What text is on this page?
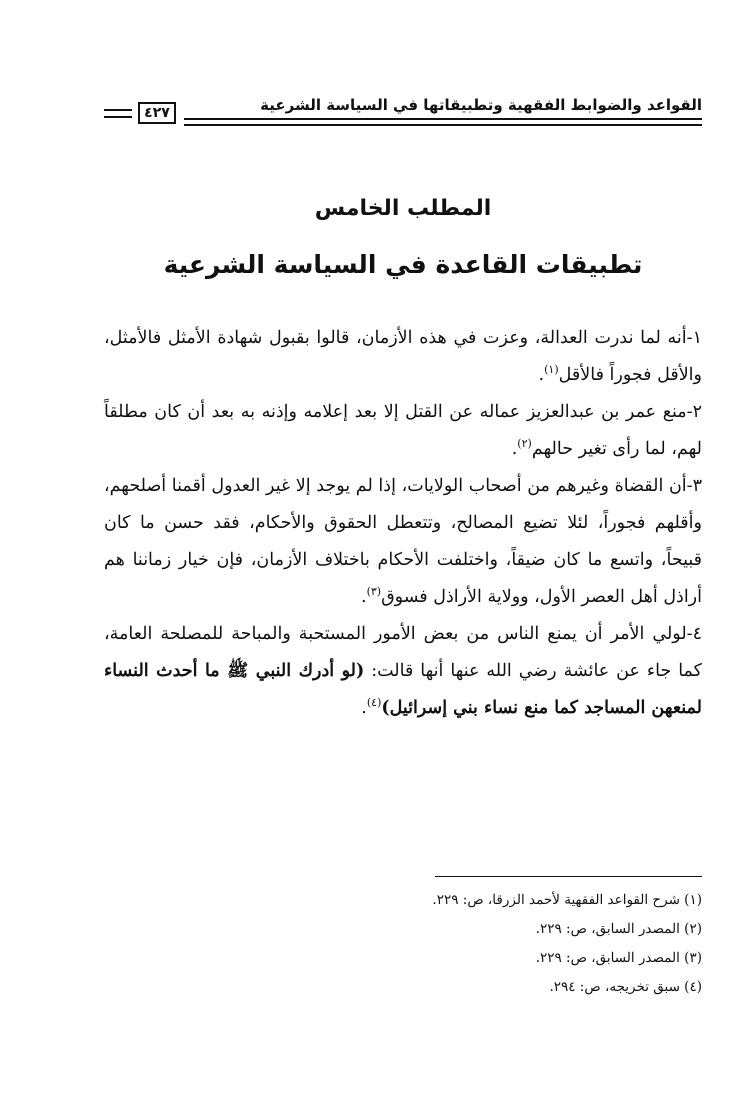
القواعد والضوابط الفقهية وتطبيقاتها في السياسة الشرعية
٤٢٧
المطلب الخامس
تطبيقات القاعدة في السياسة الشرعية

١-أنه لما ندرت العدالة، وعزت في هذه الأزمان، قالوا بقبول شهادة الأمثل فالأمثل، والأقل فجوراً فالأقل$^{(١)}$.

٢-منع عمر بن عبدالعزيز عماله عن القتل إلا بعد إعلامه وإذنه به بعد أن كان مطلقاً لهم، لما رأى تغير حالهم$^{(٢)}$.

٣-أن القضاة وغيرهم من أصحاب الولايات، إذا لم يوجد إلا غير العدول أقمنا أصلحهم، وأقلهم فجوراً، لئلا تضيع المصالح، وتتعطل الحقوق والأحكام، فقد حسن ما كان قبيحاً، واتسع ما كان ضيقاً، واختلفت الأحكام باختلاف الأزمان، فإن خيار زماننا هم أراذل أهل العصر الأول، وولاية الأراذل فسوق$^{(٣)}$.

٤-لولي الأمر أن يمنع الناس من بعض الأمور المستحبة والمباحة للمصلحة العامة، كما جاء عن عائشة رضي الله عنها أنها قالت: (لو أدرك النبي ﷺ ما أحدث النساء لمنعهن المساجد كما منع نساء بني إسرائيل)$^{(٤)}$.

(١) شرح القواعد الفقهية لأحمد الزرقا، ص: ٢٢٩.

(٢) المصدر السابق، ص: ٢٢٩.

(٣) المصدر السابق، ص: ٢٢٩.

(٤) سبق تخريجه، ص: ٢٩٤.
